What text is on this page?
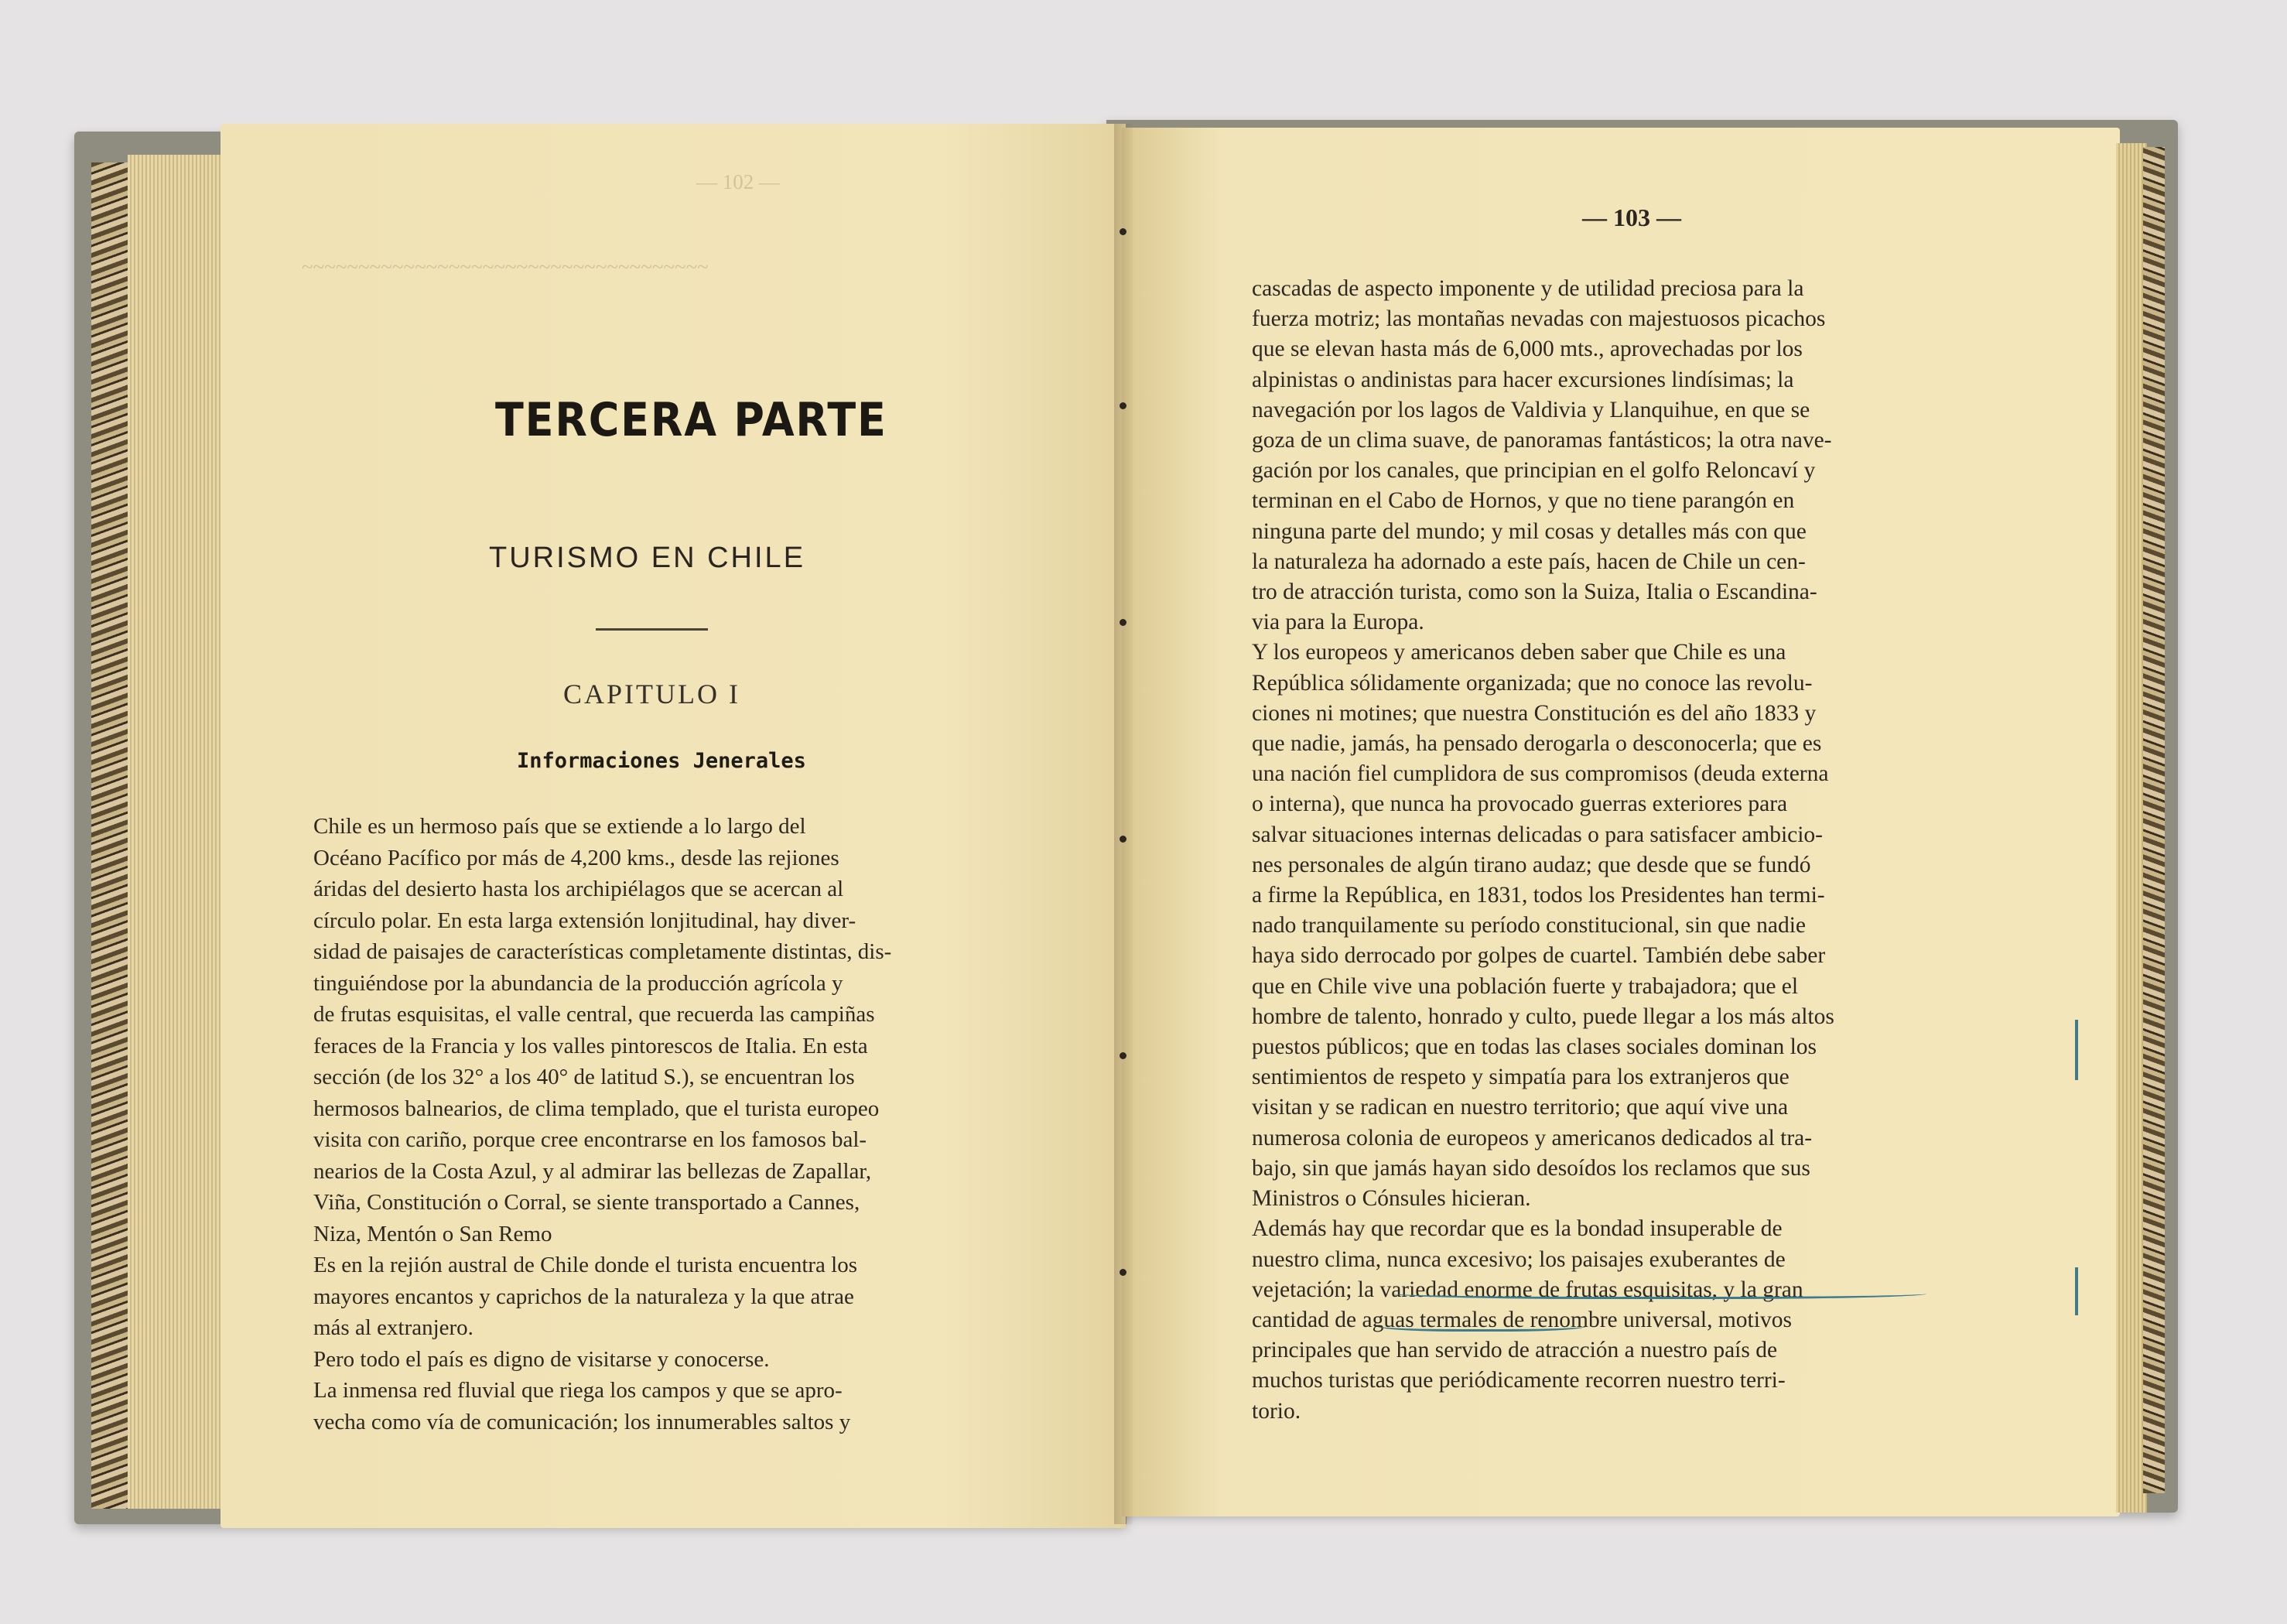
— 102 —
~~~~~~~~~~~~~~~~~~~~~~~~~~~~~~~~~~~~
TERCERA PARTE
TURISMO EN CHILE
CAPITULO I
Informaciones Jenerales
Chile es un hermoso país que se extiende a lo largo del
Océano Pacífico por más de 4,200 kms., desde las rejiones
áridas del desierto hasta los archipiélagos que se acercan al
círculo polar. En esta larga extensión lonjitudinal, hay diver-
sidad de paisajes de características completamente distintas, dis-
tinguiéndose por la abundancia de la producción agrícola y
de frutas esquisitas, el valle central, que recuerda las campiñas
feraces de la Francia y los valles pintorescos de Italia. En esta
sección (de los 32° a los 40° de latitud S.), se encuentran los
hermosos balnearios, de clima templado, que el turista europeo
visita con cariño, porque cree encontrarse en los famosos bal-
nearios de la Costa Azul, y al admirar las bellezas de Zapallar,
Viña, Constitución o Corral, se siente transportado a Cannes,
Niza, Mentón o San Remo
Es en la rejión austral de Chile donde el turista encuentra los
mayores encantos y caprichos de la naturaleza y la que atrae
más al extranjero.
Pero todo el país es digno de visitarse y conocerse.
La inmensa red fluvial que riega los campos y que se apro-
vecha como vía de comunicación; los innumerables saltos y
— 103 —
cascadas de aspecto imponente y de utilidad preciosa para la
fuerza motriz; las montañas nevadas con majestuosos picachos
que se elevan hasta más de 6,000 mts., aprovechadas por los
alpinistas o andinistas para hacer excursiones lindísimas; la
navegación por los lagos de Valdivia y Llanquihue, en que se
goza de un clima suave, de panoramas fantásticos; la otra nave-
gación por los canales, que principian en el golfo Reloncaví y
terminan en el Cabo de Hornos, y que no tiene parangón en
ninguna parte del mundo; y mil cosas y detalles más con que
la naturaleza ha adornado a este país, hacen de Chile un cen-
tro de atracción turista, como son la Suiza, Italia o Escandina-
via para la Europa.
Y los europeos y americanos deben saber que Chile es una
República sólidamente organizada; que no conoce las revolu-
ciones ni motines; que nuestra Constitución es del año 1833 y
que nadie, jamás, ha pensado derogarla o desconocerla; que es
una nación fiel cumplidora de sus compromisos (deuda externa
o interna), que nunca ha provocado guerras exteriores para
salvar situaciones internas delicadas o para satisfacer ambicio-
nes personales de algún tirano audaz; que desde que se fundó
a firme la República, en 1831, todos los Presidentes han termi-
nado tranquilamente su período constitucional, sin que nadie
haya sido derrocado por golpes de cuartel. También debe saber
que en Chile vive una población fuerte y trabajadora; que el
hombre de talento, honrado y culto, puede llegar a los más altos
puestos públicos; que en todas las clases sociales dominan los
sentimientos de respeto y simpatía para los extranjeros que
visitan y se radican en nuestro territorio; que aquí vive una
numerosa colonia de europeos y americanos dedicados al tra-
bajo, sin que jamás hayan sido desoídos los reclamos que sus
Ministros o Cónsules hicieran.
Además hay que recordar que es la bondad insuperable de
nuestro clima, nunca excesivo; los paisajes exuberantes de
vejetación; la variedad enorme de frutas esquisitas, y la gran
cantidad de aguas termales de renombre universal, motivos
principales que han servido de atracción a nuestro país de
muchos turistas que periódicamente recorren nuestro terri-
torio.
